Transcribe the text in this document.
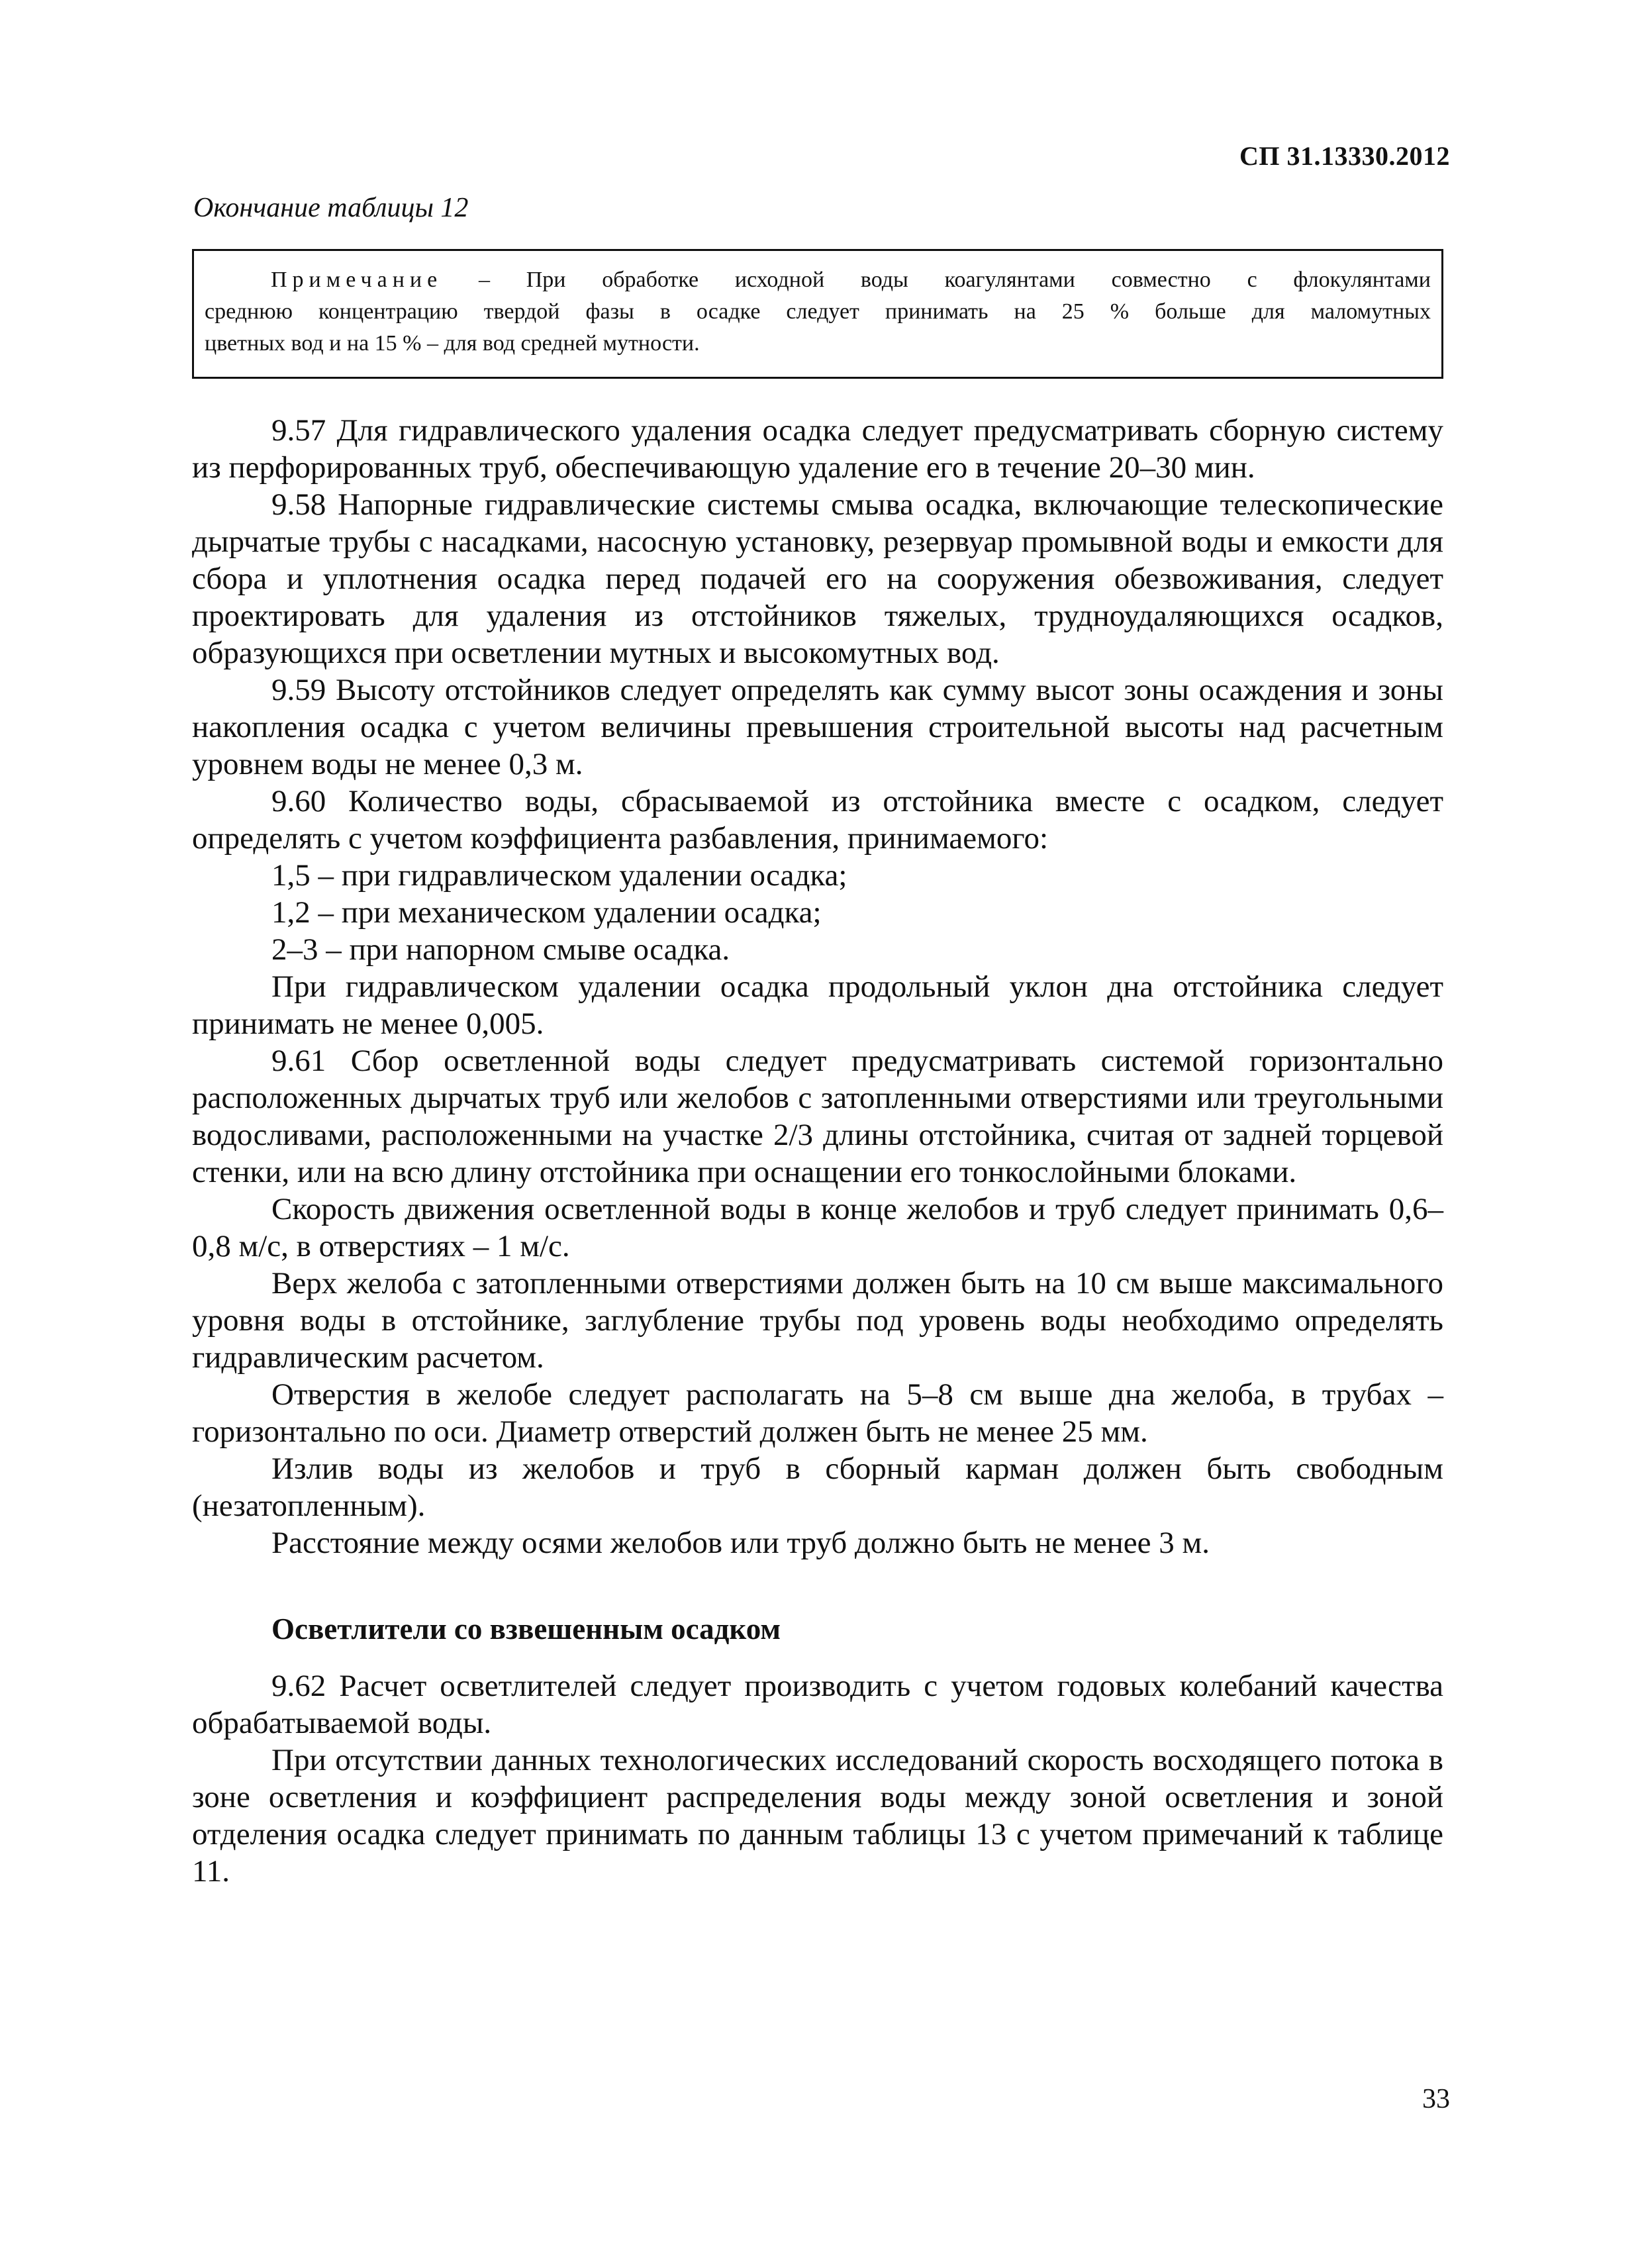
СП 31.13330.2012
Окончание таблицы 12
Примечание – При обработке исходной воды коагулянтами совместно с флокулянтами
среднюю концентрацию твердой фазы в осадке следует принимать на 25 % больше для маломутных
цветных вод и на 15 % – для вод средней мутности.

9.57 Для гидравлического удаления осадка следует предусматривать сборную систему из перфорированных труб, обеспечивающую удаление его в течение 20–30 мин.

9.58 Напорные гидравлические системы смыва осадка, включающие телескопические дырчатые трубы с насадками, насосную установку, резервуар промывной воды и емкости для сбора и уплотнения осадка перед подачей его на сооружения обезвоживания, следует проектировать для удаления из отстойников тяжелых, трудноудаляющихся осадков, образующихся при осветлении мутных и высокомутных вод.

9.59 Высоту отстойников следует определять как сумму высот зоны осаждения и зоны накопления осадка с учетом величины превышения строительной высоты над расчетным уровнем воды не менее 0,3 м.

9.60 Количество воды, сбрасываемой из отстойника вместе с осадком, следует определять с учетом коэффициента разбавления, принимаемого:

1,5 – при гидравлическом удалении осадка;

1,2 – при механическом удалении осадка;

2–3 – при напорном смыве осадка.

При гидравлическом удалении осадка продольный уклон дна отстойника следует принимать не менее 0,005.

9.61 Сбор осветленной воды следует предусматривать системой горизонтально расположенных дырчатых труб или желобов с затопленными отверстиями или треугольными водосливами, расположенными на участке 2/3 длины отстойника, считая от задней торцевой стенки, или на всю длину отстойника при оснащении его тонкослойными блоками.

Скорость движения осветленной воды в конце желобов и труб следует принимать 0,6–0,8 м/с, в отверстиях – 1 м/с.

Верх желоба с затопленными отверстиями должен быть на 10 см выше максимального уровня воды в отстойнике, заглубление трубы под уровень воды необходимо определять гидравлическим расчетом.

Отверстия в желобе следует располагать на 5–8 см выше дна желоба, в трубах – горизонтально по оси. Диаметр отверстий должен быть не менее 25 мм.

Излив воды из желобов и труб в сборный карман должен быть свободным (незатопленным).

Расстояние между осями желобов или труб должно быть не менее 3 м.

Осветлители со взвешенным осадком

9.62 Расчет осветлителей следует производить с учетом годовых колебаний качества обрабатываемой воды.

При отсутствии данных технологических исследований скорость восходящего потока в зоне осветления и коэффициент распределения воды между зоной осветления и зоной отделения осадка следует принимать по данным таблицы 13 с учетом примечаний к таблице 11.

33
